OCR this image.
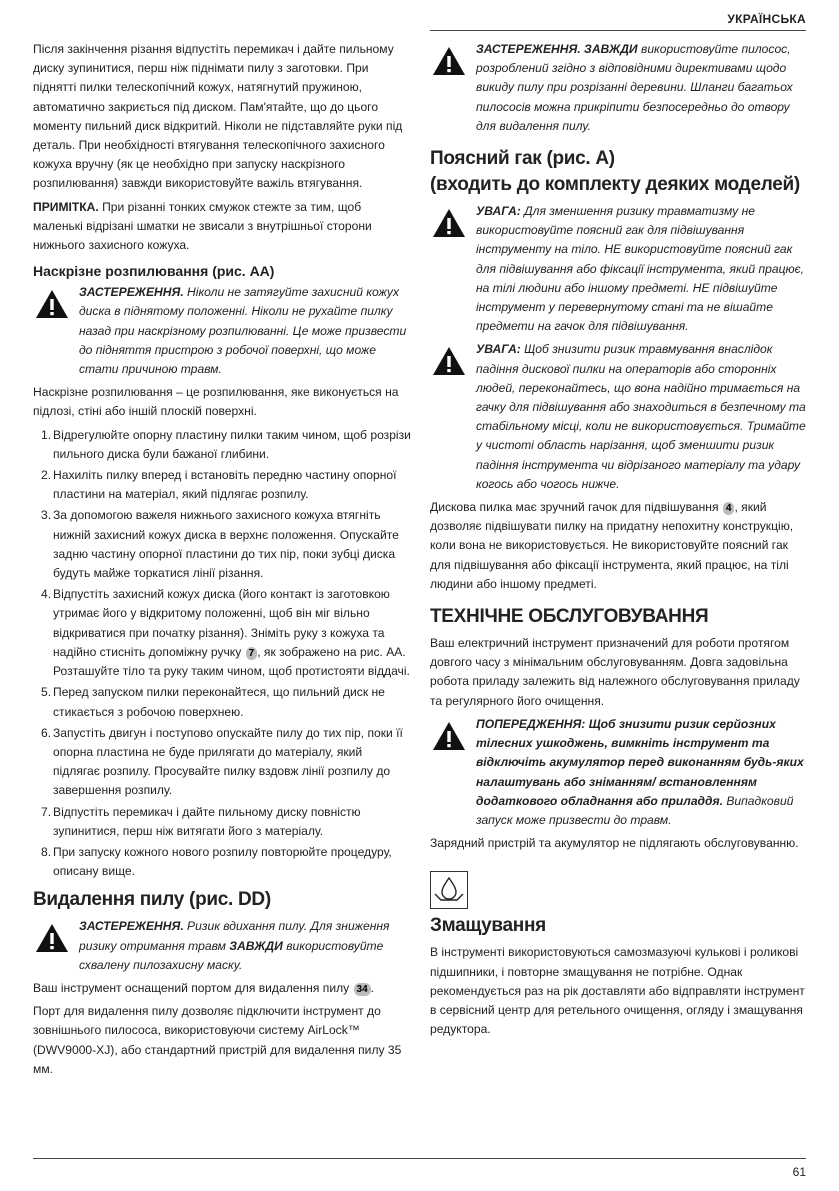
УКРАЇНСЬКА

Після закінчення різання відпустіть перемикач і дайте пильному диску зупинитися, перш ніж піднімати пилу з заготовки. При піднятті пилки телескопічний кожух, натягнутий пружиною, автоматично закриється під диском. Пам'ятайте, що до цього моменту пильний диск відкритий. Ніколи не підставляйте руки під деталь. При необхідності втягування телескопічного захисного кожуха вручну (як це необхідно при запуску наскрізного розпилювання) завжди використовуйте важіль втягування.

ПРИМІТКА. При різанні тонких смужок стежте за тим, щоб маленькі відрізані шматки не звисали з внутрішньої сторони нижнього захисного кожуха.

Наскрізне розпилювання (рис. АА)
ЗАСТЕРЕЖЕННЯ. Ніколи не затягуйте захисний кожух диска в піднятому положенні. Ніколи не рухайте пилку назад при наскрізному розпилюванні. Це може призвести до підняття пристрою з робочої поверхні, що може стати причиною травм.

Наскрізне розпилювання – це розпилювання, яке виконується на підлозі, стіні або іншій плоскій поверхні.

1. Відрегулюйте опорну пластину пилки таким чином, щоб розрізи пильного диска були бажаної глибини.
2. Нахиліть пилку вперед і встановіть передню частину опорної пластини на матеріал, який підлягає розпилу.
3. За допомогою важеля нижнього захисного кожуха втягніть нижній захисний кожух диска в верхнє положення. Опускайте задню частину опорної пластини до тих пір, поки зубці диска будуть майже торкатися лінії різання.
4. Відпустіть захисний кожух диска (його контакт із заготовкою утримає його у відкритому положенні, щоб він міг вільно відкриватися при початку різання). Зніміть руку з кожуха та надійно стисніть допоміжну ручку 7 , як зображено на рис. АА. Розташуйте тіло та руку таким чином, щоб протистояти віддачі.
5. Перед запуском пилки переконайтеся, що пильний диск не стикається з робочою поверхнею.
6. Запустіть двигун і поступово опускайте пилу до тих пір, поки її опорна пластина не буде прилягати до матеріалу, який підлягає розпилу. Просувайте пилку вздовж лінії розпилу до завершення розпилу.
7. Відпустіть перемикач і дайте пильному диску повністю зупинитися, перш ніж витягати його з матеріалу.
8. При запуску кожного нового розпилу повторюйте процедуру, описану вище.
Видалення пилу (рис. DD)
ЗАСТЕРЕЖЕННЯ. Ризик вдихання пилу. Для зниження ризику отримання травм ЗАВЖДИ використовуйте схвалену пилозахисну маску.

Ваш інструмент оснащений портом для видалення пилу 34 .

Порт для видалення пилу дозволяє підключити інструмент до зовнішнього пилососа, використовуючи систему AirLock™ (DWV9000-XJ), або стандартний пристрій для видалення пилу 35 мм.

ЗАСТЕРЕЖЕННЯ. ЗАВЖДИ використовуйте пилосос, розроблений згідно з відповідними директивами щодо викиду пилу при розрізанні деревини. Шланги багатьох пилососів можна прикріпити безпосередньо до отвору для видалення пилу.
Поясний гак (рис. A)
(входить до комплекту деяких моделей)
УВАГА: Для зменшення ризику травматизму не використовуйте поясний гак для підвішування інструменту на тіло. НЕ використовуйте поясний гак для підвішування або фіксації інструмента, який працює, на тілі людини або іншому предметі. НЕ підвішуйте інструмент у перевернутому стані та не вішайте предмети на гачок для підвішування.
УВАГА: Щоб знизити ризик травмування внаслідок падіння дискової пилки на операторів або сторонніх людей, переконайтесь, що вона надійно тримається на гачку для підвішування або знаходиться в безпечному та стабільному місці, коли не використовується. Тримайте у чистоті область нарізання, щоб зменшити ризик падіння інструмента чи відрізаного матеріалу та удару когось або чогось нижче.

Дискова пилка має зручний гачок для підвішування 4 , який дозволяє підвішувати пилку на придатну непохитну конструкцію, коли вона не використовується. Не використовуйте поясний гак для підвішування або фіксації інструмента, який працює, на тілі людини або іншому предметі.

ТЕХНІЧНЕ ОБСЛУГОВУВАННЯ

Ваш електричний інструмент призначений для роботи протягом довгого часу з мінімальним обслуговуванням. Довга задовільна робота приладу залежить від належного обслуговування приладу та регулярного його очищення.

ПОПЕРЕДЖЕННЯ: Щоб знизити ризик серйозних тілесних ушкоджень, вимкніть інструмент та відключіть акумулятор перед виконанням будь-яких налаштувань або зніманням/ встановленням додаткового обладнання або приладдя. Випадковий запуск може призвести до травм.

Зарядний пристрій та акумулятор не підлягають обслуговуванню.

Змащування

В інструменті використовуються самозмазуючі кулькові і роликові підшипники, і повторне змащування не потрібне. Однак рекомендується раз на рік доставляти або відправляти інструмент в сервісний центр для ретельного очищення, огляду і змащування редуктора.

61
